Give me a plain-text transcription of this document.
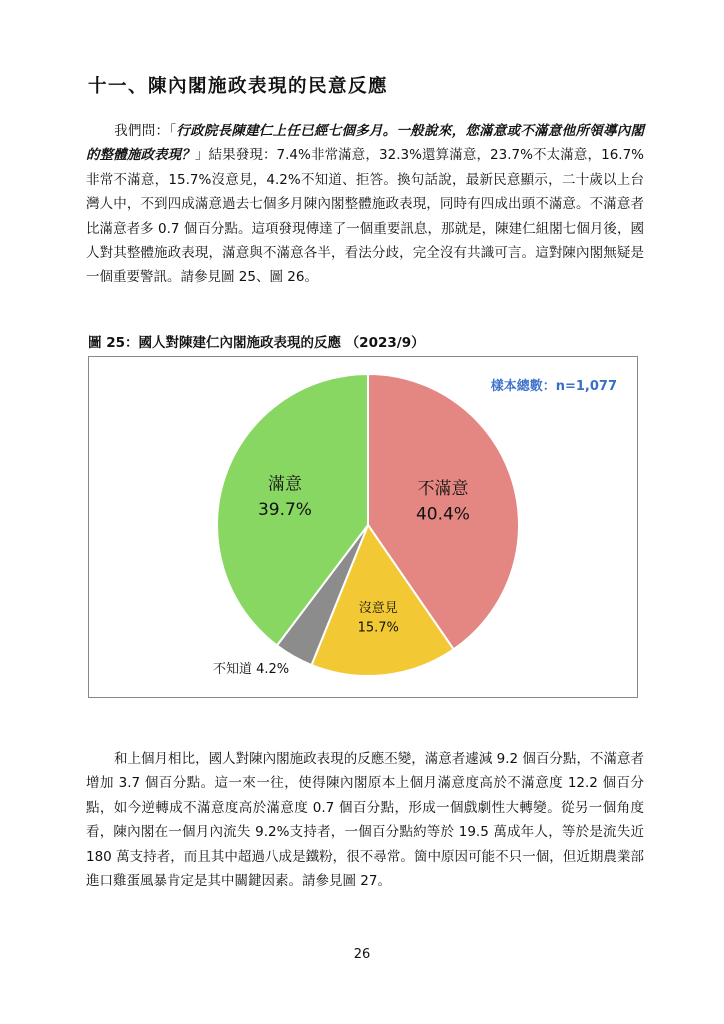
十一、陳內閣施政表現的民意反應
我們問：「行政院長陳建仁上任已經七個多月。一般說來，您滿意或不滿意他所領導內閣的整體施政表現？」結果發現：7.4%非常滿意，32.3%還算滿意，23.7%不太滿意，16.7%非常不滿意，15.7%沒意見，4.2%不知道、拒答。換句話說，最新民意顯示，二十歲以上台灣人中，不到四成滿意過去七個多月陳內閣整體施政表現，同時有四成出頭不滿意。不滿意者比滿意者多 0.7 個百分點。這項發現傳達了一個重要訊息，那就是，陳建仁組閣七個月後，國人對其整體施政表現，滿意與不滿意各半，看法分歧，完全沒有共識可言。這對陳內閣無疑是一個重要警訊。請參見圖 25、圖 26。
圖 25：國人對陳建仁內閣施政表現的反應 （2023/9）
不滿意
40.4%
沒意見
15.7%
不知道 4.2%
滿意
39.7%
樣本總數：n=1,077
和上個月相比，國人對陳內閣施政表現的反應丕變，滿意者遽減 9.2 個百分點，不滿意者增加 3.7 個百分點。這一來一往，使得陳內閣原本上個月滿意度高於不滿意度 12.2 個百分點，如今逆轉成不滿意度高於滿意度 0.7 個百分點，形成一個戲劇性大轉變。從另一個角度看，陳內閣在一個月內流失 9.2%支持者，一個百分點約等於 19.5 萬成年人，等於是流失近 180 萬支持者，而且其中超過八成是鐵粉，很不尋常。箇中原因可能不只一個，但近期農業部進口雞蛋風暴肯定是其中關鍵因素。請參見圖 27。
26
